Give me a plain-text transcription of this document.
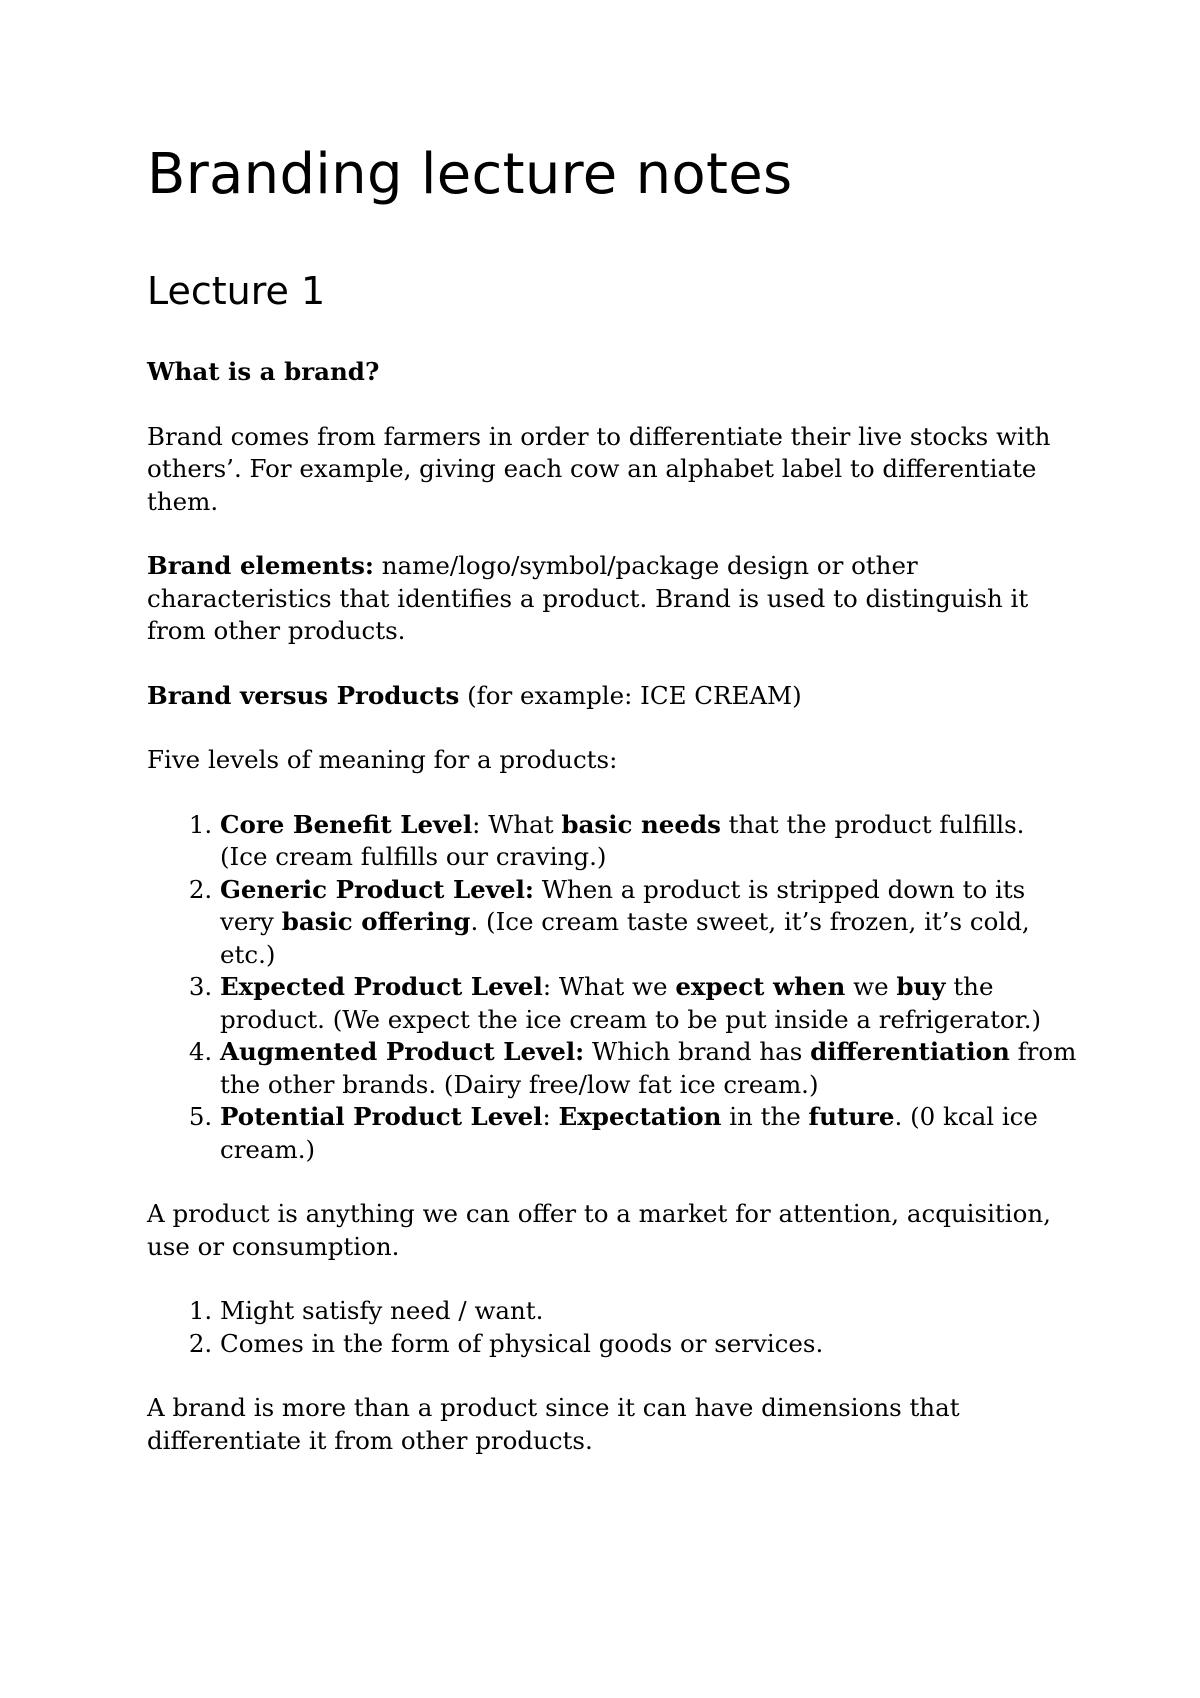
Branding lecture notes
Lecture 1

What is a brand?

Brand comes from farmers in order to differentiate their live stocks with others’. For example, giving each cow an alphabet label to differentiate them.

Brand elements: name/logo/symbol/package design or other characteristics that identifies a product. Brand is used to distinguish it from other products.

Brand versus Products (for example: ICE CREAM)

Five levels of meaning for a products:

1. Core Benefit Level: What basic needs that the product fulfills. (Ice cream fulfills our craving.)
2. Generic Product Level: When a product is stripped down to its very basic offering. (Ice cream taste sweet, it’s frozen, it’s cold, etc.)
3. Expected Product Level: What we expect when we buy the product. (We expect the ice cream to be put inside a refrigerator.)
4. Augmented Product Level: Which brand has differentiation from the other brands. (Dairy free/low fat ice cream.)
5. Potential Product Level: Expectation in the future. (0 kcal ice cream.)

A product is anything we can offer to a market for attention, acquisition, use or consumption.

1. Might satisfy need / want.
2. Comes in the form of physical goods or services.

A brand is more than a product since it can have dimensions that differentiate it from other products.
